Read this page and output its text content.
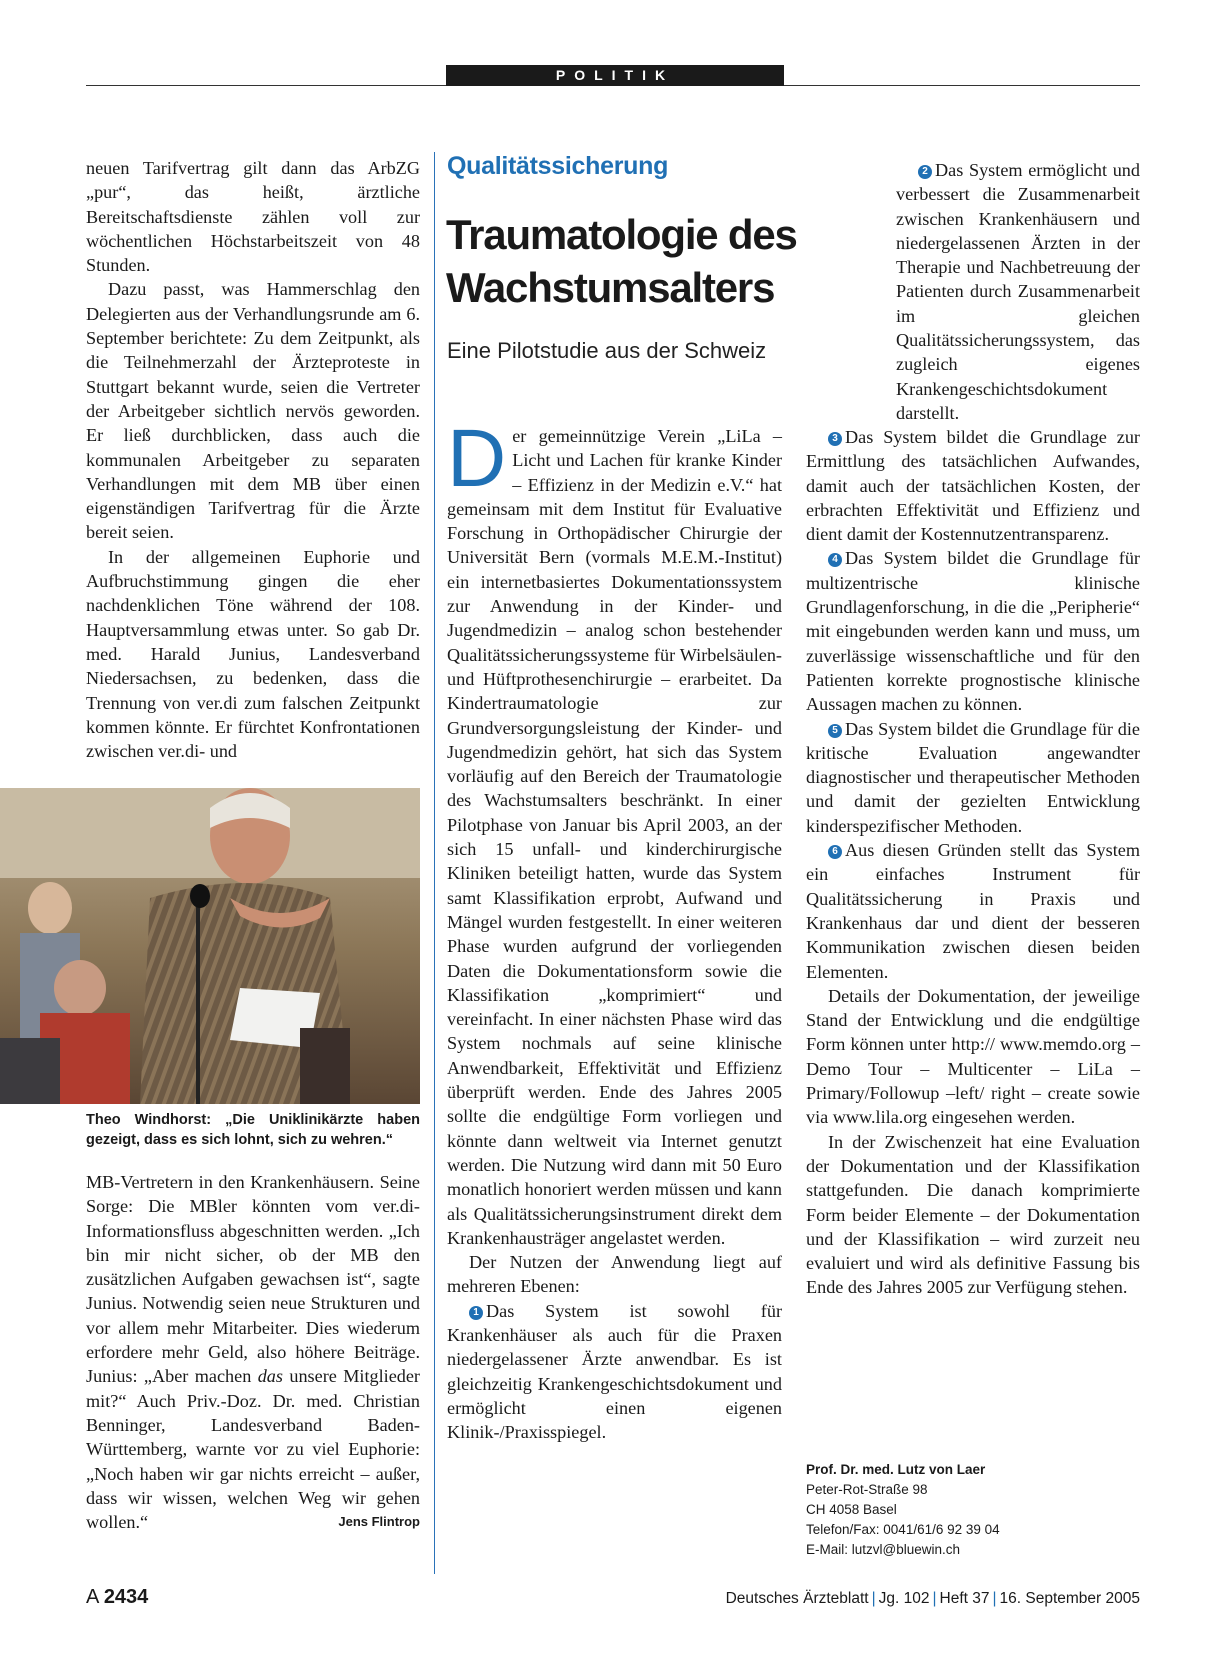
POLITIK

neuen Tarifvertrag gilt dann das ArbZG „pur“, das heißt, ärztliche Bereitschaftsdienste zählen voll zur wöchentlichen Höchstarbeitszeit von 48 Stunden.

Dazu passt, was Hammerschlag den Delegierten aus der Verhandlungsrunde am 6. September berichtete: Zu dem Zeitpunkt, als die Teilnehmerzahl der Ärzteproteste in Stuttgart bekannt wurde, seien die Vertreter der Arbeitgeber sichtlich nervös geworden. Er ließ durchblicken, dass auch die kommunalen Arbeitgeber zu separaten Verhandlungen mit dem MB über einen eigenständigen Tarifvertrag für die Ärzte bereit seien.

In der allgemeinen Euphorie und Aufbruchstimmung gingen die eher nachdenklichen Töne während der 108. Hauptversammlung etwas unter. So gab Dr. med. Harald Junius, Landesverband Niedersachsen, zu bedenken, dass die Trennung von ver.di zum falschen Zeitpunkt kommen könnte. Er fürchtet Konfrontationen zwischen ver.di- und

Theo Windhorst: „Die Uniklinikärzte haben gezeigt, dass es sich lohnt, sich zu wehren.“

MB-Vertretern in den Krankenhäusern. Seine Sorge: Die MBler könnten vom ver.di-Informationsfluss abgeschnitten werden. „Ich bin mir nicht sicher, ob der MB den zusätzlichen Aufgaben gewachsen ist“, sagte Junius. Notwendig seien neue Strukturen und vor allem mehr Mitarbeiter. Dies wiederum erfordere mehr Geld, also höhere Beiträge. Junius: „Aber machen das unsere Mitglieder mit?“ Auch Priv.-Doz. Dr. med. Christian Benninger, Landesverband Baden-Württemberg, warnte vor zu viel Euphorie: „Noch haben wir gar nichts erreicht – außer, dass wir wissen, welchen Weg wir gehen wollen.“	Jens Flintrop

Qualitätssicherung
Traumatologie des Wachstumsalters
Eine Pilotstudie aus der Schweiz

Der gemeinnützige Verein „LiLa – Licht und Lachen für kranke Kinder – Effizienz in der Medizin e.V.“ hat gemeinsam mit dem Institut für Evaluative Forschung in Orthopädischer Chirurgie der Universität Bern (vormals M.E.M.-Institut) ein internetbasiertes Dokumentationssystem zur Anwendung in der Kinder- und Jugendmedizin – analog schon bestehender Qualitätssicherungssysteme für Wirbelsäulen- und Hüftprothesenchirurgie – erarbeitet. Da Kindertraumatologie zur Grundversorgungsleistung der Kinder- und Jugendmedizin gehört, hat sich das System vorläufig auf den Bereich der Traumatologie des Wachstumsalters beschränkt. In einer Pilotphase von Januar bis April 2003, an der sich 15 unfall- und kinderchirurgische Kliniken beteiligt hatten, wurde das System samt Klassifikation erprobt, Aufwand und Mängel wurden festgestellt. In einer weiteren Phase wurden aufgrund der vorliegenden Daten die Dokumentationsform sowie die Klassifikation „komprimiert“ und vereinfacht. In einer nächsten Phase wird das System nochmals auf seine klinische Anwendbarkeit, Effektivität und Effizienz überprüft werden. Ende des Jahres 2005 sollte die endgültige Form vorliegen und könnte dann weltweit via Internet genutzt werden. Die Nutzung wird dann mit 50 Euro monatlich honoriert werden müssen und kann als Qualitätssicherungsinstrument direkt dem Krankenhausträger angelastet werden.

Der Nutzen der Anwendung liegt auf mehreren Ebenen:

1 Das System ist sowohl für Krankenhäuser als auch für die Praxen niedergelassener Ärzte anwendbar. Es ist gleichzeitig Krankengeschichtsdokument und ermöglicht einen eigenen Klinik-/Praxisspiegel.

2 Das System ermöglicht und verbessert die Zusammenarbeit zwischen Krankenhäusern und niedergelassenen Ärzten in der Therapie und Nachbetreuung der Patienten durch Zusammenarbeit im gleichen Qualitätssicherungssystem, das zugleich eigenes Krankengeschichtsdokument darstellt.

3 Das System bildet die Grundlage zur Ermittlung des tatsächlichen Aufwandes, damit auch der tatsächlichen Kosten, der erbrachten Effektivität und Effizienz und dient damit der Kostennutzentransparenz.

4 Das System bildet die Grundlage für multizentrische klinische Grundlagenforschung, in die die „Peripherie“ mit eingebunden werden kann und muss, um zuverlässige wissenschaftliche und für den Patienten korrekte prognostische klinische Aussagen machen zu können.

5 Das System bildet die Grundlage für die kritische Evaluation angewandter diagnostischer und therapeutischer Methoden und damit der gezielten Entwicklung kinderspezifischer Methoden.

6 Aus diesen Gründen stellt das System ein einfaches Instrument für Qualitätssicherung in Praxis und Krankenhaus dar und dient der besseren Kommunikation zwischen diesen beiden Elementen.

Details der Dokumentation, der jeweilige Stand der Entwicklung und die endgültige Form können unter http:// www.memdo.org – Demo Tour – Multicenter – LiLa – Primary/Followup –left/ right – create sowie via www.lila.org eingesehen werden.

In der Zwischenzeit hat eine Evaluation der Dokumentation und der Klassifikation stattgefunden. Die danach komprimierte Form beider Elemente – der Dokumentation und der Klassifikation – wird zurzeit neu evaluiert und wird als definitive Fassung bis Ende des Jahres 2005 zur Verfügung stehen.

Prof. Dr. med. Lutz von Laer
Peter-Rot-Straße 98
CH 4058 Basel
Telefon/Fax: 0041/61/6 92 39 04
E-Mail: lutzvl@bluewin.ch
A 2434	Deutsches Ärzteblatt | Jg. 102 | Heft 37 | 16. September 2005
